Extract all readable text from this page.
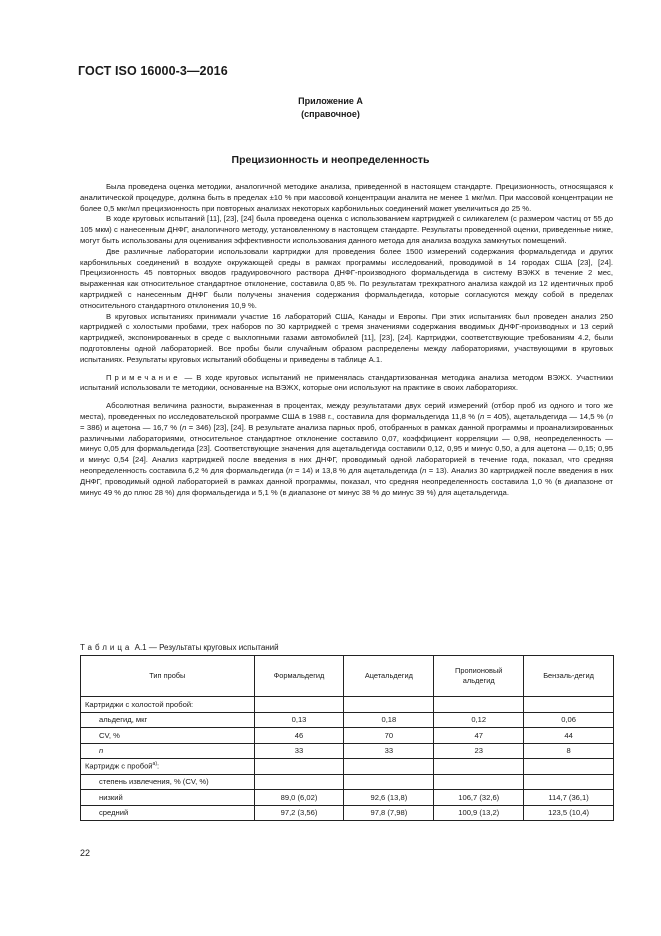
ГОСТ ISO 16000-3—2016
Приложение А
(справочное)
Прецизионность и неопределенность

Была проведена оценка методики, аналогичной методике анализа, приведенной в настоящем стандарте. Прецизионность, относящаяся к аналитической процедуре, должна быть в пределах ±10 % при массовой концентрации аналита не менее 1 мкг/мл. При массовой концентрации не более 0,5 мкг/мл прецизионность при повторных анализах некоторых карбонильных соединений может увеличиться до 25 %.

В ходе круговых испытаний [11], [23], [24] была проведена оценка с использованием картриджей с силикагелем (с размером частиц от 55 до 105 мкм) с нанесенным ДНФГ, аналогичного методу, установленному в настоящем стандарте. Результаты проведенной оценки, приведенные ниже, могут быть использованы для оценивания эффективности использования данного метода для анализа воздуха замкнутых помещений.

Две различные лаборатории использовали картриджи для проведения более 1500 измерений содержания формальдегида и других карбонильных соединений в воздухе окружающей среды в рамках программы исследований, проводимой в 14 городах США [23], [24]. Прецизионность 45 повторных вводов градуировочного раствора ДНФГ-производного формальдегида в систему ВЭЖХ в течение 2 мес, выраженная как относительное стандартное отклонение, составила 0,85 %. По результатам трехкратного анализа каждой из 12 идентичных проб картриджей с нанесенным ДНФГ были получены значения содержания формальдегида, которые согласуются между собой в пределах относительного стандартного отклонения 10,9 %.

В круговых испытаниях принимали участие 16 лабораторий США, Канады и Европы. При этих испытаниях был проведен анализ 250 картриджей с холостыми пробами, трех наборов по 30 картриджей с тремя значениями содержания вводимых ДНФГ-производных и 13 серий картриджей, экспонированных в среде с выхлопными газами автомобилей [11], [23], [24]. Картриджи, соответствующие требованиям 4.2, были подготовлены одной лабораторией. Все пробы были случайным образом распределены между лабораториями, участвующими в круговых испытаниях. Результаты круговых испытаний обобщены и приведены в таблице А.1.

Примечание — В ходе круговых испытаний не применялась стандартизованная методика анализа методом ВЭЖХ. Участники испытаний использовали те методики, основанные на ВЭЖХ, которые они используют на практике в своих лабораториях.

Абсолютная величина разности, выраженная в процентах, между результатами двух серий измерений (отбор проб из одного и того же места), проведенных по исследовательской программе США в 1988 г., составила для формальдегида 11,8 % (n = 405), ацетальдегида — 14,5 % (n = 386) и ацетона — 16,7 % (n = 346) [23], [24]. В результате анализа парных проб, отобранных в рамках данной программы и проанализированных различными лабораториями, относительное стандартное отклонение составило 0,07, коэффициент корреляции — 0,98, неопределенность — минус 0,05 для формальдегида [23]. Соответствующие значения для ацетальдегида составили 0,12, 0,95 и минус 0,50, а для ацетона — 0,15; 0,95 и минус 0,54 [24]. Анализ картриджей после введения в них ДНФГ, проводимый одной лабораторией в течение года, показал, что средняя неопределенность составила 6,2 % для формальдегида (n = 14) и 13,8 % для ацетальдегида (n = 13). Анализ 30 картриджей после введения в них ДНФГ, проводимый одной лабораторией в рамках данной программы, показал, что средняя неопределенность составила 1,0 % (в диапазоне от минус 49 % до плюс 28 %) для формальдегида и 5,1 % (в диапазоне от минус 38 % до минус 39 %) для ацетальдегида.

Таблица А.1 — Результаты круговых испытаний
Тип пробы	Формальдегид	Ацетальдегид	Пропионовый альдегид	Бензаль-дегид
Картриджи с холостой пробой:				
альдегид, мкг	0,13	0,18	0,12	0,06
CV, %	46	70	47	44
n	33	33	23	8
Картридж с пробой$^{a)}$:				
степень извлечения, % (CV, %)				
низкий	89,0 (6,02)	92,6 (13,8)	106,7 (32,6)	114,7 (36,1)
средний	97,2 (3,56)	97,8 (7,98)	100,9 (13,2)	123,5 (10,4)
22
